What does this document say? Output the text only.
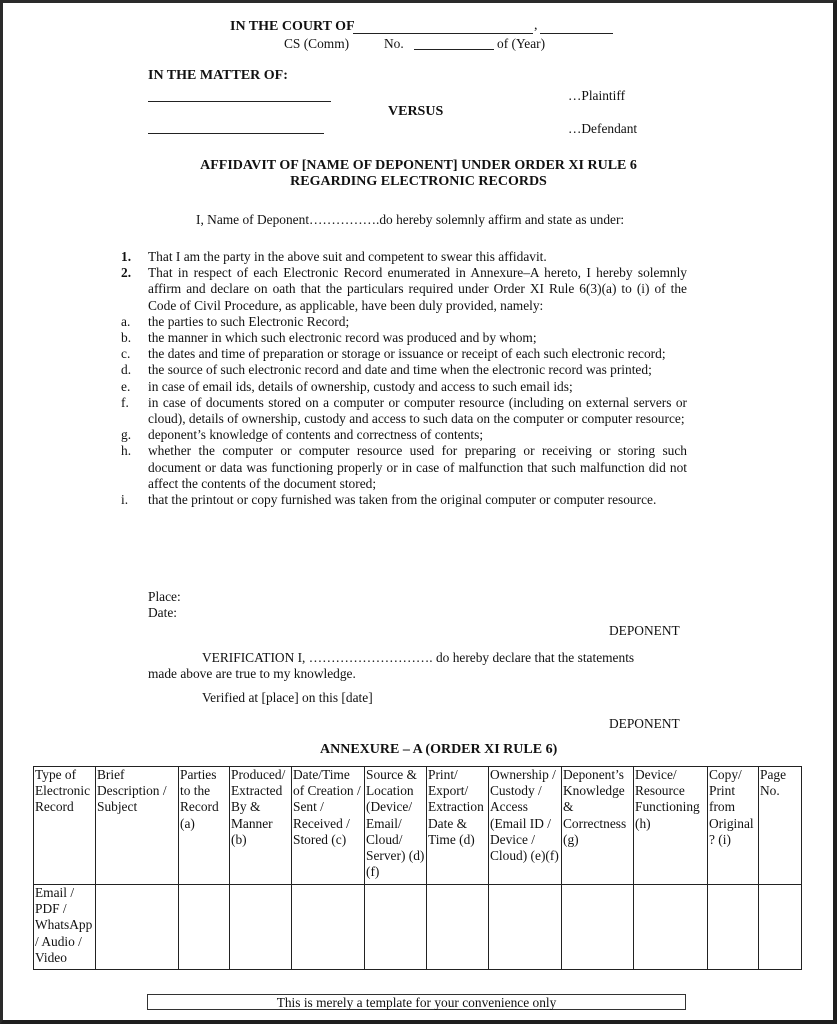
IN THE COURT OF	,
CS (Comm)	No.	of (Year)
IN THE MATTER OF:
…Plaintiff
VERSUS
…Defendant
AFFIDAVIT OF [NAME OF DEPONENT] UNDER ORDER XI RULE 6
REGARDING ELECTRONIC RECORDS
I, Name of Deponent…………….do hereby solemnly affirm and state as under:
1.	That I am the party in the above suit and competent to swear this affidavit.
2.	That in respect of each Electronic Record enumerated in Annexure–A hereto, I hereby solemnly affirm and declare on oath that the particulars required under Order XI Rule 6(3)(a) to (i) of the Code of Civil Procedure, as applicable, have been duly provided, namely:
a.	the parties to such Electronic Record;
b.	the manner in which such electronic record was produced and by whom;
c.	the dates and time of preparation or storage or issuance or receipt of each such electronic record;
d.	the source of such electronic record and date and time when the electronic record was printed;
e.	in case of email ids, details of ownership, custody and access to such email ids;
f.	in case of documents stored on a computer or computer resource (including on external servers or cloud), details of ownership, custody and access to such data on the computer or computer resource;
g.	deponent’s knowledge of contents and correctness of contents;
h.	whether the computer or computer resource used for preparing or receiving or storing such document or data was functioning properly or in case of malfunction that such malfunction did not affect the contents of the document stored;
i.	that the printout or copy furnished was taken from the original computer or computer resource.
Place:
Date:
DEPONENT
VERIFICATION I, ………………………. do hereby declare that the statements
made above are true to my knowledge.
Verified at [place] on this [date]
DEPONENT
ANNEXURE – A (ORDER XI RULE 6)
Type of Electronic Record	Brief Description / Subject	Parties to the Record (a)	Produced/ Extracted By & Manner (b)	Date/Time of Creation / Sent / Received / Stored (c)	Source & Location (Device/ Email/ Cloud/ Server) (d)(f)	Print/ Export/ Extraction Date & Time (d)	Ownership / Custody / Access (Email ID / Device / Cloud) (e)(f)	Deponent’s Knowledge & Correctness (g)	Device/ Resource Functioning (h)	Copy/ Print from Original ? (i)	Page No.
Email / PDF / WhatsApp / Audio / Video											
This is merely a template for your convenience only
